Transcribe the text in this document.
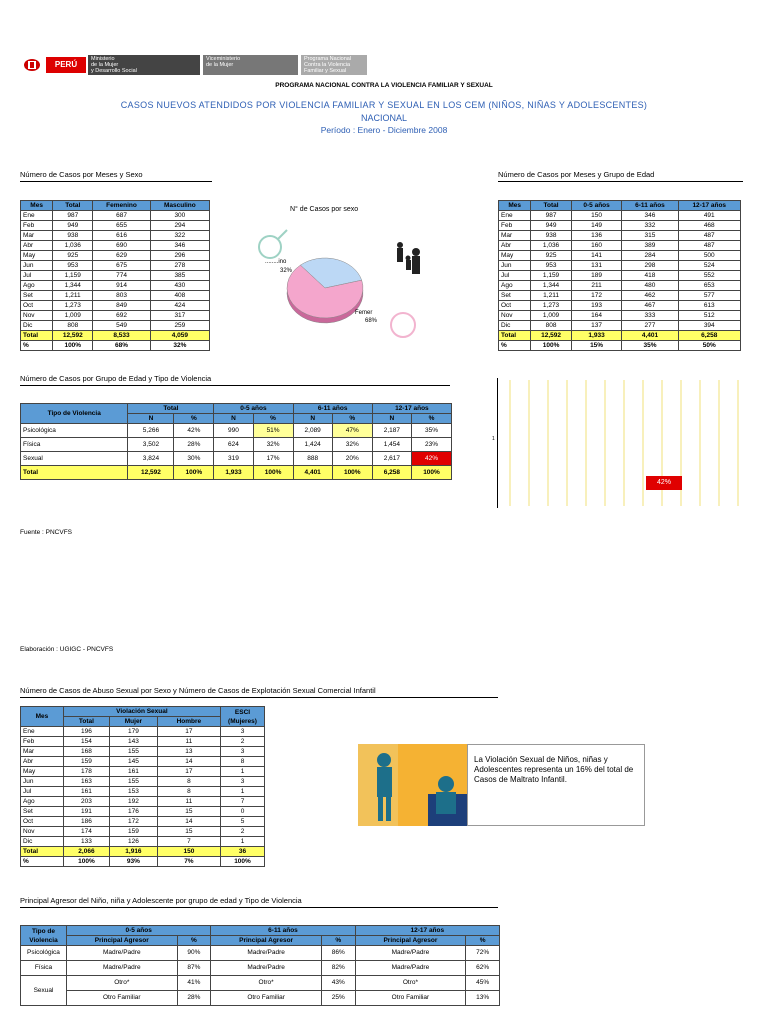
PERÚ
Ministerio
de la Mujer
y Desarrollo Social
Viceministerio
de la Mujer
Programa Nacional
Contra la Violencia
Familiar y Sexual
PROGRAMA NACIONAL CONTRA LA VIOLENCIA FAMILIAR Y SEXUAL
CASOS NUEVOS ATENDIDOS POR VIOLENCIA FAMILIAR Y SEXUAL EN LOS CEM (NIÑOS, NIÑAS Y ADOLESCENTES)
NACIONAL
Período : Enero - Diciembre 2008
Número de Casos por Meses y Sexo
Mes	Total	Femenino	Masculino
Ene	987	687	300
Feb	949	655	294
Mar	938	616	322
Abr	1,036	690	346
May	925	629	296
Jun	953	675	278
Jul	1,159	774	385
Ago	1,344	914	430
Set	1,211	803	408
Oct	1,273	849	424
Nov	1,009	692	317
Dic	808	549	259
Total	12,592	8,533	4,059
%	100%	68%	32%
N° de Casos por sexo
........ino
32%
Femer
68%
Número de Casos por Meses y Grupo de Edad
Mes	Total	0-5 años	6-11 años	12-17 años
Ene	987	150	346	491
Feb	949	149	332	468
Mar	938	136	315	487
Abr	1,036	160	389	487
May	925	141	284	500
Jun	953	131	298	524
Jul	1,159	189	418	552
Ago	1,344	211	480	653
Set	1,211	172	462	577
Oct	1,273	193	467	613
Nov	1,009	164	333	512
Dic	808	137	277	394
Total	12,592	1,933	4,401	6,258
%	100%	15%	35%	50%
Número de Casos por Grupo de Edad y Tipo de Violencia
Tipo de Violencia	Total		0-5 años		6-11 años		12-17 años	
	N	%	N	%	N	%	N	%
Psicológica	5,266	42%	990	51%	2,089	47%	2,187	35%
Física	3,502	28%	624	32%	1,424	32%	1,454	23%
Sexual	3,824	30%	319	17%	888	20%	2,617	42%
Total	12,592	100%	1,933	100%	4,401	100%	6,258	100%
1
42%
Fuente : PNCVFS
Elaboración : UGIGC - PNCVFS
Número de Casos de Abuso Sexual por Sexo y Número de Casos de Explotación Sexual Comercial Infantil
Mes	Violación Sexual			ESCI (Mujeres)
	Total	Mujer	Hombre	
Ene	196	179	17	3
Feb	154	143	11	2
Mar	168	155	13	3
Abr	159	145	14	8
May	178	161	17	1
Jun	163	155	8	3
Jul	161	153	8	1
Ago	203	192	11	7
Set	191	176	15	0
Oct	186	172	14	5
Nov	174	159	15	2
Dic	133	126	7	1
Total	2,066	1,916	150	36
%	100%	93%	7%	100%
La Violación Sexual de Niños, niñas y Adolescentes representa un 16% del total de Casos de Maltrato Infantil.
Principal Agresor del Niño, niña y Adolescente por grupo de edad y Tipo de Violencia
Tipo de Violencia	0-5 años		6-11 años		12-17 años	
	Principal Agresor	%	Principal Agresor	%	Principal Agresor	%
Psicológica	Madre/Padre	90%	Madre/Padre	86%	Madre/Padre	72%
Física	Madre/Padre	87%	Madre/Padre	82%	Madre/Padre	62%
Sexual	Otro*	41%	Otro*	43%	Otro*	45%
	Otro Familiar	28%	Otro Familiar	25%	Otro Familiar	13%
